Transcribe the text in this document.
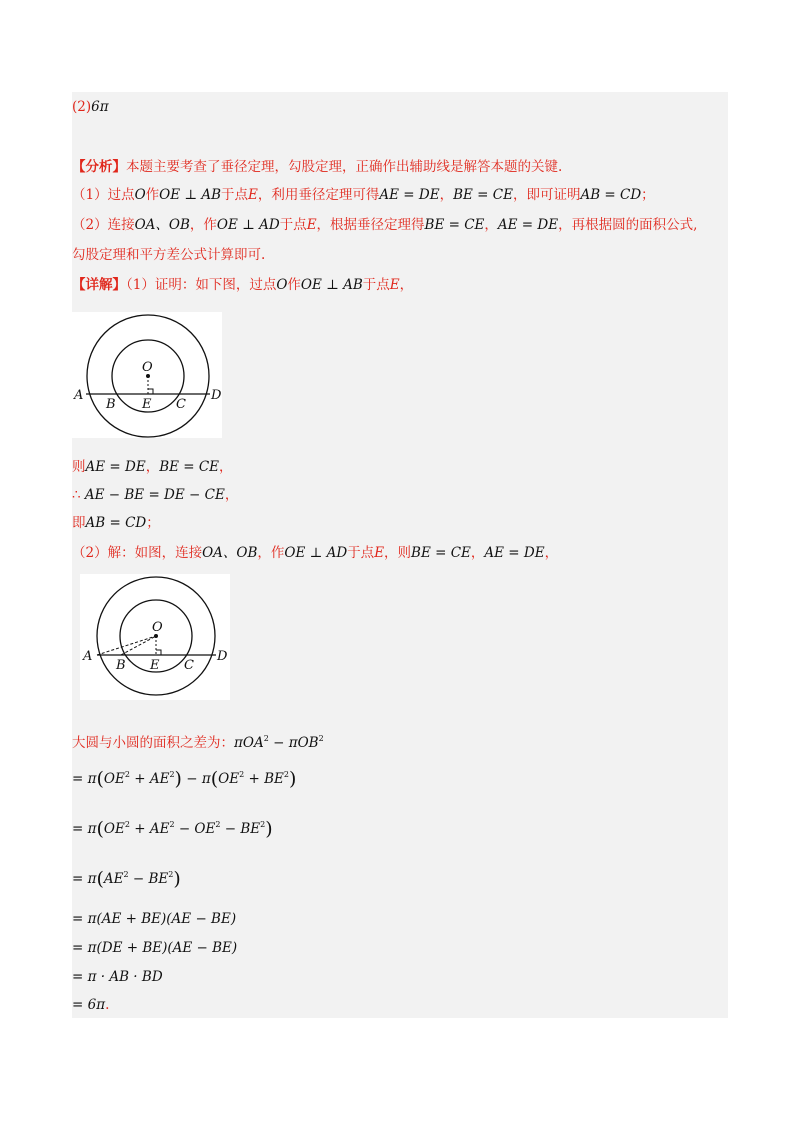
(2)6π
【分析】本题主要考查了垂径定理，勾股定理，正确作出辅助线是解答本题的关键.
（1）过点O作OE ⊥ AB于点E，利用垂径定理可得AE = DE，BE = CE，即可证明AB = CD；
（2）连接OA、OB，作OE ⊥ AD于点E，根据垂径定理得BE = CE，AE = DE，再根据圆的面积公式,
勾股定理和平方差公式计算即可.
【详解】（1）证明：如下图，过点O作OE ⊥ AB于点E，
O
A
B E C
D
则AE = DE，BE = CE，
∴ AE − BE = DE − CE，
即AB = CD；
（2）解：如图，连接OA、OB，作OE ⊥ AD于点E，则BE = CE，AE = DE，
O
A
B E C
D
大圆与小圆的面积之差为：πOA$^2$ − πOB$^2$
= $\pi(OE^2 + AE^2) - \pi(OE^2 + BE^2)$
= $\pi(OE^2 + AE^2 - OE^2 - BE^2)$
= $\pi(AE^2 - BE^2)$
= π(AE + BE)(AE − BE)
= π(DE + BE)(AE − BE)
= π · AB · BD
= 6π.
